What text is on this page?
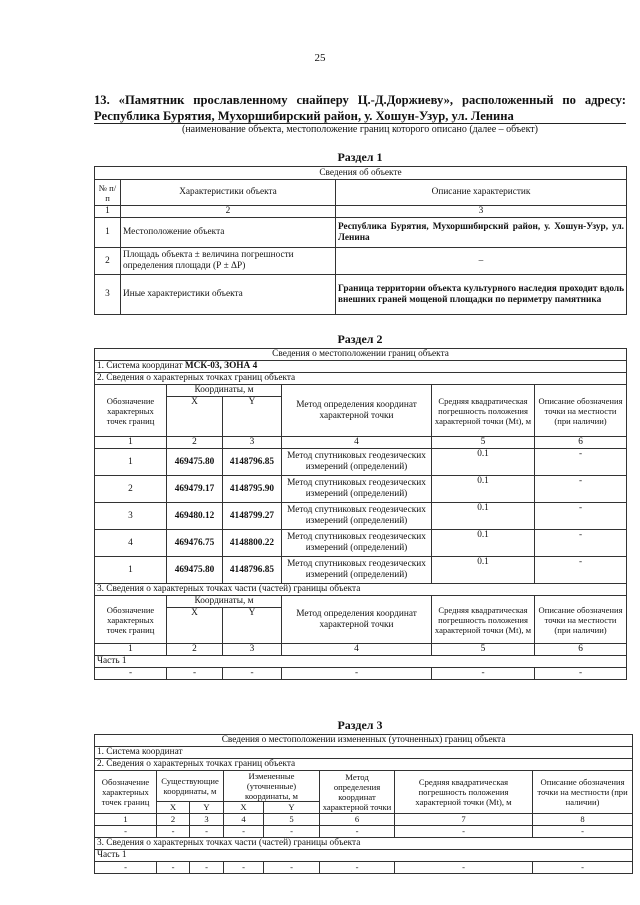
25
13. «Памятник прославленному снайперу Ц.-Д.Доржиеву», расположенный по адресу: Республика Бурятия, Мухоршибирский район, у. Хошун-Узур, ул. Ленина
(наименование объекта, местоположение границ которого описано (далее – объект)
Раздел 1
Сведения об объекте		
№ п/п	Характеристики объекта	Описание характеристик
1	2	3
1	Местоположение объекта	Республика Бурятия, Мухоршибирский район, у. Хошун-Узур, ул. Ленина
2	Площадь объекта ± величина погрешности определения площади (Р ± ΔР)	–
3	Иные характеристики объекта	Граница территории объекта культурного наследия проходит вдоль внешних граней мощеной площадки по периметру памятника
Раздел 2
Сведения о местоположении границ объекта					
1. Система координат МСК-03, ЗОНА 4					
2. Сведения о характерных точках границ объекта					
Обозначение характерных точек границ	Координаты, м		Метод определения координат характерной точки	Средняя квадратическая погрешность положения характерной точки (Мt), м	Описание обозначения точки на местности (при наличии)
	X	Y			
1	2	3	4	5	6
1	469475.80	4148796.85	Метод спутниковых геодезических измерений (определений)	0.1	-
2	469479.17	4148795.90	Метод спутниковых геодезических измерений (определений)	0.1	-
3	469480.12	4148799.27	Метод спутниковых геодезических измерений (определений)	0.1	-
4	469476.75	4148800.22	Метод спутниковых геодезических измерений (определений)	0.1	-
1	469475.80	4148796.85	Метод спутниковых геодезических измерений (определений)	0.1	-
3. Сведения о характерных точках части (частей) границы объекта					
Обозначение характерных точек границ	Координаты, м		Метод определения координат характерной точки	Средняя квадратическая погрешность положения характерной точки (Мt), м	Описание обозначения точки на местности (при наличии)
	X	Y			
1	2	3	4	5	6
Часть 1					
-	-	-	-	-	-
Раздел 3
Сведения о местоположении измененных (уточненных) границ объекта							
1. Система координат							
2. Сведения о характерных точках границ объекта							
Обозначение характерных точек границ	Существующие координаты, м		Измененные (уточненные) координаты, м		Метод определения координат характерной точки	Средняя квадратическая погрешность положения характерной точки (Мt), м	Описание обозначения точки на местности (при наличии)
	X	Y	X	Y			
1	2	3	4	5	6	7	8
-	-	-	-	-	-	-	-
3. Сведения о характерных точках части (частей) границы объекта							
Часть 1							
-	-	-	-	-	-	-	-
